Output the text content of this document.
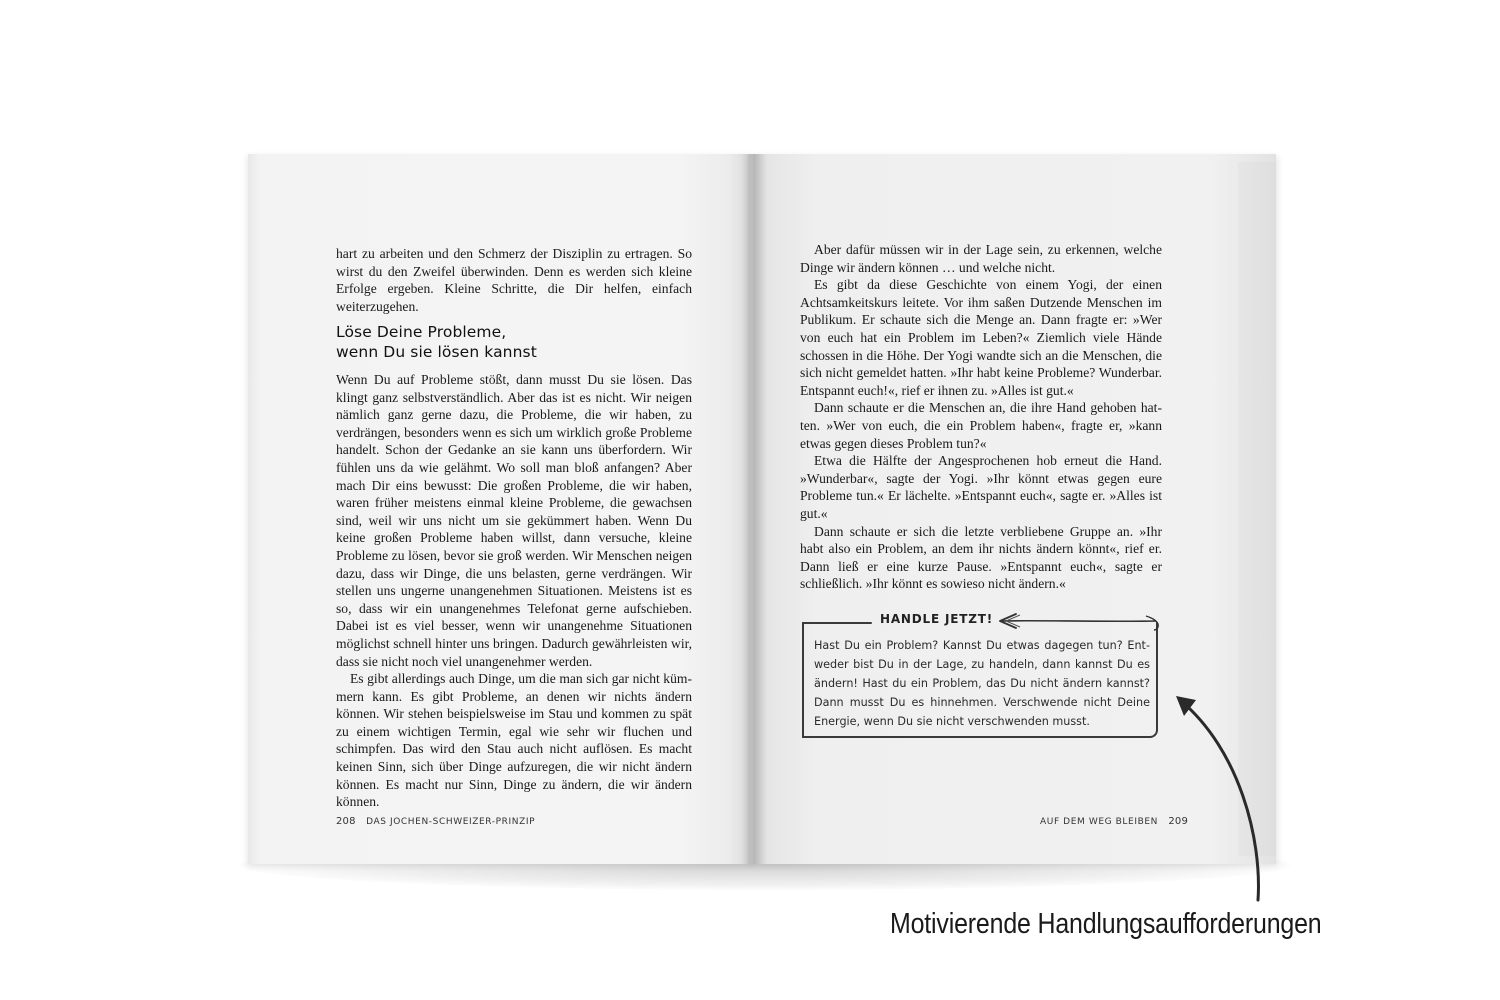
hart zu arbeiten und den Schmerz der Disziplin zu ertragen. So wirst du den Zweifel überwinden. Denn es werden sich kleine Erfolge ergeben. Kleine Schritte, die Dir helfen, einfach weiterzugehen.

Löse Deine Probleme,
wenn Du sie lösen kannst

Wenn Du auf Probleme stößt, dann musst Du sie lösen. Das klingt ganz selbstverständlich. Aber das ist es nicht. Wir neigen nämlich ganz gerne dazu, die Probleme, die wir haben, zu verdrängen, besonders wenn es sich um wirklich große Probleme handelt. Schon der Gedanke an sie kann uns überfordern. Wir fühlen uns da wie gelähmt. Wo soll man bloß anfangen? Aber mach Dir eins bewusst: Die großen Probleme, die wir haben, waren früher meistens einmal kleine Probleme, die gewachsen sind, weil wir uns nicht um sie gekümmert haben. Wenn Du keine großen Probleme haben willst, dann versuche, kleine Probleme zu lösen, bevor sie groß werden. Wir Menschen neigen dazu, dass wir Dinge, die uns belasten, gerne verdrängen. Wir stellen uns ungerne unangenehmen Situationen. Meistens ist es so, dass wir ein unangenehmes Telefonat gerne aufschieben. Dabei ist es viel besser, wenn wir unangenehme Situationen möglichst schnell hinter uns bringen. Dadurch gewährleisten wir, dass sie nicht noch viel unangenehmer werden.

Es gibt allerdings auch Dinge, um die man sich gar nicht kümmern kann. Es gibt Probleme, an denen wir nichts ändern können. Wir stehen beispielsweise im Stau und kommen zu spät zu einem wichtigen Termin, egal wie sehr wir fluchen und schimpfen. Das wird den Stau auch nicht auflösen. Es macht keinen Sinn, sich über Dinge aufzuregen, die wir nicht ändern können. Es macht nur Sinn, Dinge zu ändern, die wir ändern können.

208 DAS JOCHEN-SCHWEIZER-PRINZIP

Aber dafür müssen wir in der Lage sein, zu erkennen, welche Dinge wir ändern können … und welche nicht.

Es gibt da diese Geschichte von einem Yogi, der einen Achtsamkeitskurs leitete. Vor ihm saßen Dutzende Menschen im Publikum. Er schaute sich die Menge an. Dann fragte er: »Wer von euch hat ein Problem im Leben?« Ziemlich viele Hände schossen in die Höhe. Der Yogi wandte sich an die Menschen, die sich nicht gemeldet hatten. »Ihr habt keine Probleme? Wunderbar. Entspannt euch!«, rief er ihnen zu. »Alles ist gut.«

Dann schaute er die Menschen an, die ihre Hand gehoben hatten. »Wer von euch, die ein Problem haben«, fragte er, »kann etwas gegen dieses Problem tun?«

Etwa die Hälfte der Angesprochenen hob erneut die Hand. »Wunderbar«, sagte der Yogi. »Ihr könnt etwas gegen eure Probleme tun.« Er lächelte. »Entspannt euch«, sagte er. »Alles ist gut.«

Dann schaute er sich die letzte verbliebene Gruppe an. »Ihr habt also ein Problem, an dem ihr nichts ändern könnt«, rief er. Dann ließ er eine kurze Pause. »Entspannt euch«, sagte er schließlich. »Ihr könnt es sowieso nicht ändern.«

HANDLE JETZT!
Hast Du ein Problem? Kannst Du etwas dagegen tun? Entweder bist Du in der Lage, zu handeln, dann kannst Du es ändern! Hast du ein Problem, das Du nicht ändern kannst? Dann musst Du es hinnehmen. Verschwende nicht Deine Energie, wenn Du sie nicht verschwenden musst.
AUF DEM WEG BLEIBEN 209
Motivierende Handlungsaufforderungen
